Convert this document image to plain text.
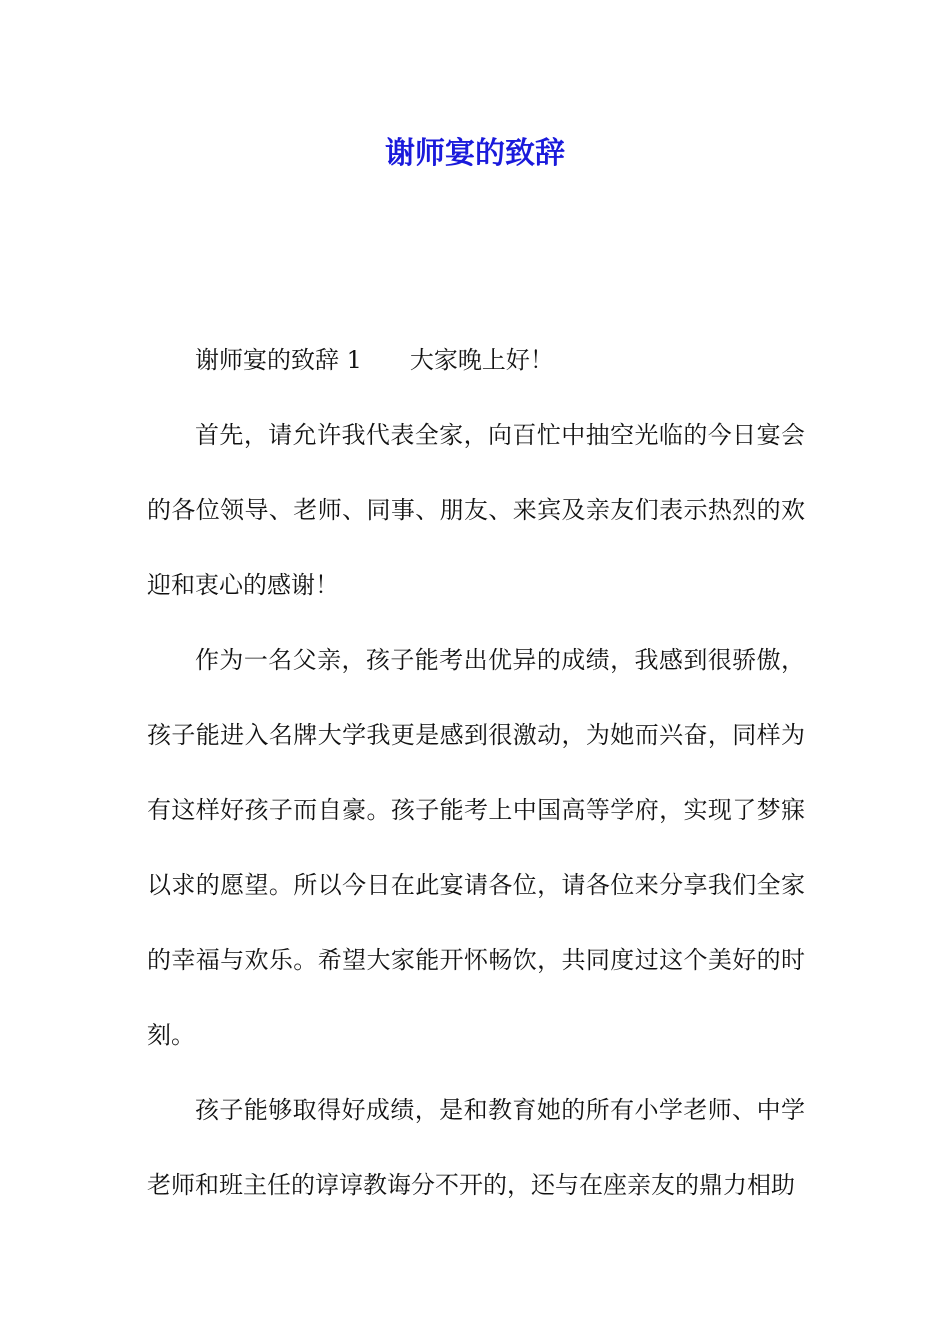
谢师宴的致辞

谢师宴的致辞 1 大家晚上好！

首先，请允许我代表全家，向百忙中抽空光临的今日宴会的各位领导、老师、同事、朋友、来宾及亲友们表示热烈的欢迎和衷心的感谢！

作为一名父亲，孩子能考出优异的成绩，我感到很骄傲，孩子能进入名牌大学我更是感到很激动，为她而兴奋，同样为有这样好孩子而自豪。孩子能考上中国高等学府，实现了梦寐以求的愿望。所以今日在此宴请各位，请各位来分享我们全家的幸福与欢乐。希望大家能开怀畅饮，共同度过这个美好的时刻。

孩子能够取得好成绩，是和教育她的所有小学老师、中学老师和班主任的谆谆教诲分不开的，还与在座亲友的鼎力相助
